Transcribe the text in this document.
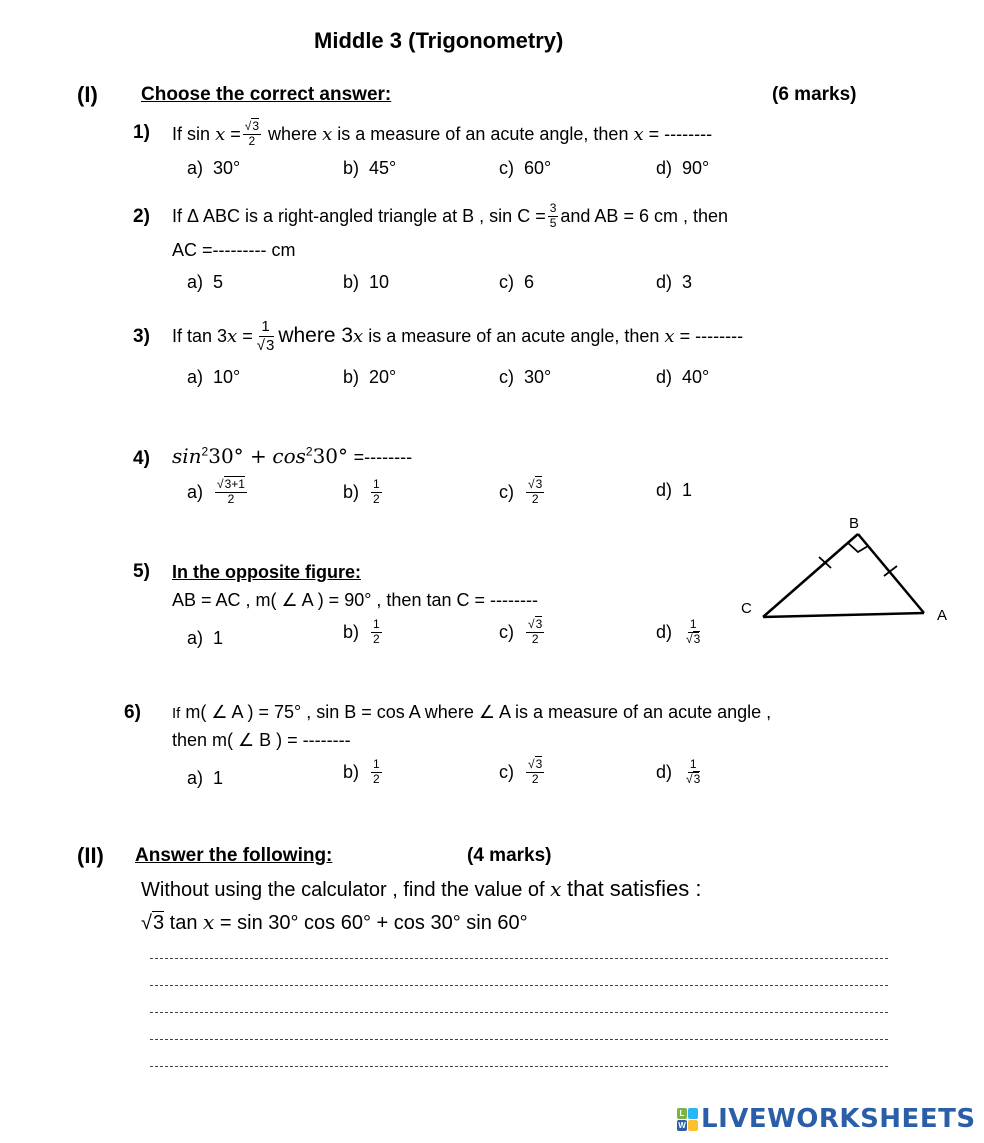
Middle 3 (Trigonometry)
(I) Choose the correct answer:	(6 marks)
1) If
sin
x
= $\frac{√3}{2}$
where
x
is a measure of an acute angle, then
x
= --------
a) 30°	b) 45°	c) 60°	d) 90°
2) If Δ ABC is a right-angled triangle at B , $\sin C = \frac{3}{5}$ and AB = 6 cm , then
AC =--------- cm
a) 5	b) 10	c) 6	d) 3
3) If tan 3 x
= $\frac{1}{√3}$ where 3 x
is a measure of an acute angle, then
x
= --------
a) 10°	b) 20°	c) 30°	d) 40°
4) $\sin^230^\circ + \cos^230^\circ$ =--------
a)
$\frac{√3+1}{2}$	b)
$\frac{1}{2}$	c)
$\frac{√3}{2}$	d) 1
5) In the opposite figure:
AB = AC , m( ∠ A ) = 90° , then tan C = --------
a) 1	b)
$\frac{1}{2}$	c)
$\frac{√3}{2}$	d)
$\frac{1}{√3}$
B
C	A
6) If m( ∠ A ) = 75° , sin B = cos A where ∠ A is a measure of an acute angle ,
then m( ∠ B ) = --------
a) 1	b)
$\frac{1}{2}$	c)
$\frac{√3}{2}$	d)
$\frac{1}{√3}$
(II) Answer the following:	(4 marks)
Without using the calculator , find the value of x that satisfies :
√3 tan x = sin 30° cos 60° + cos 30° sin 60°
L
W LIVEWORKSHEETS
